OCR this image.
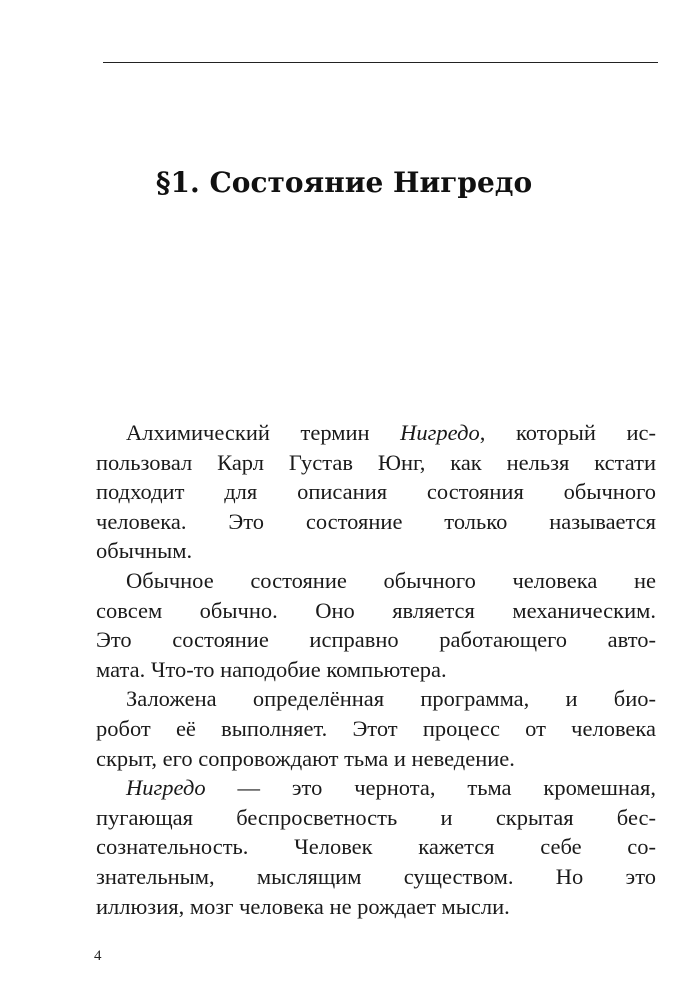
§1. Состояние Нигредо
Алхимический термин Нигредо, который ис-
пользовал Карл Густав Юнг, как нельзя кстати
подходит для описания состояния обычного
человека. Это состояние только называется
обычным.
Обычное состояние обычного человека не
совсем обычно. Оно является механическим.
Это состояние исправно работающего авто-
мата. Что-то наподобие компьютера.
Заложена определённая программа, и био-
робот её выполняет. Этот процесс от человека
скрыт, его сопровождают тьма и неведение.
Нигредо — это чернота, тьма кромешная,
пугающая беспросветность и скрытая бес-
сознательность. Человек кажется себе со-
знательным, мыслящим существом. Но это
иллюзия, мозг человека не рождает мысли.
4
